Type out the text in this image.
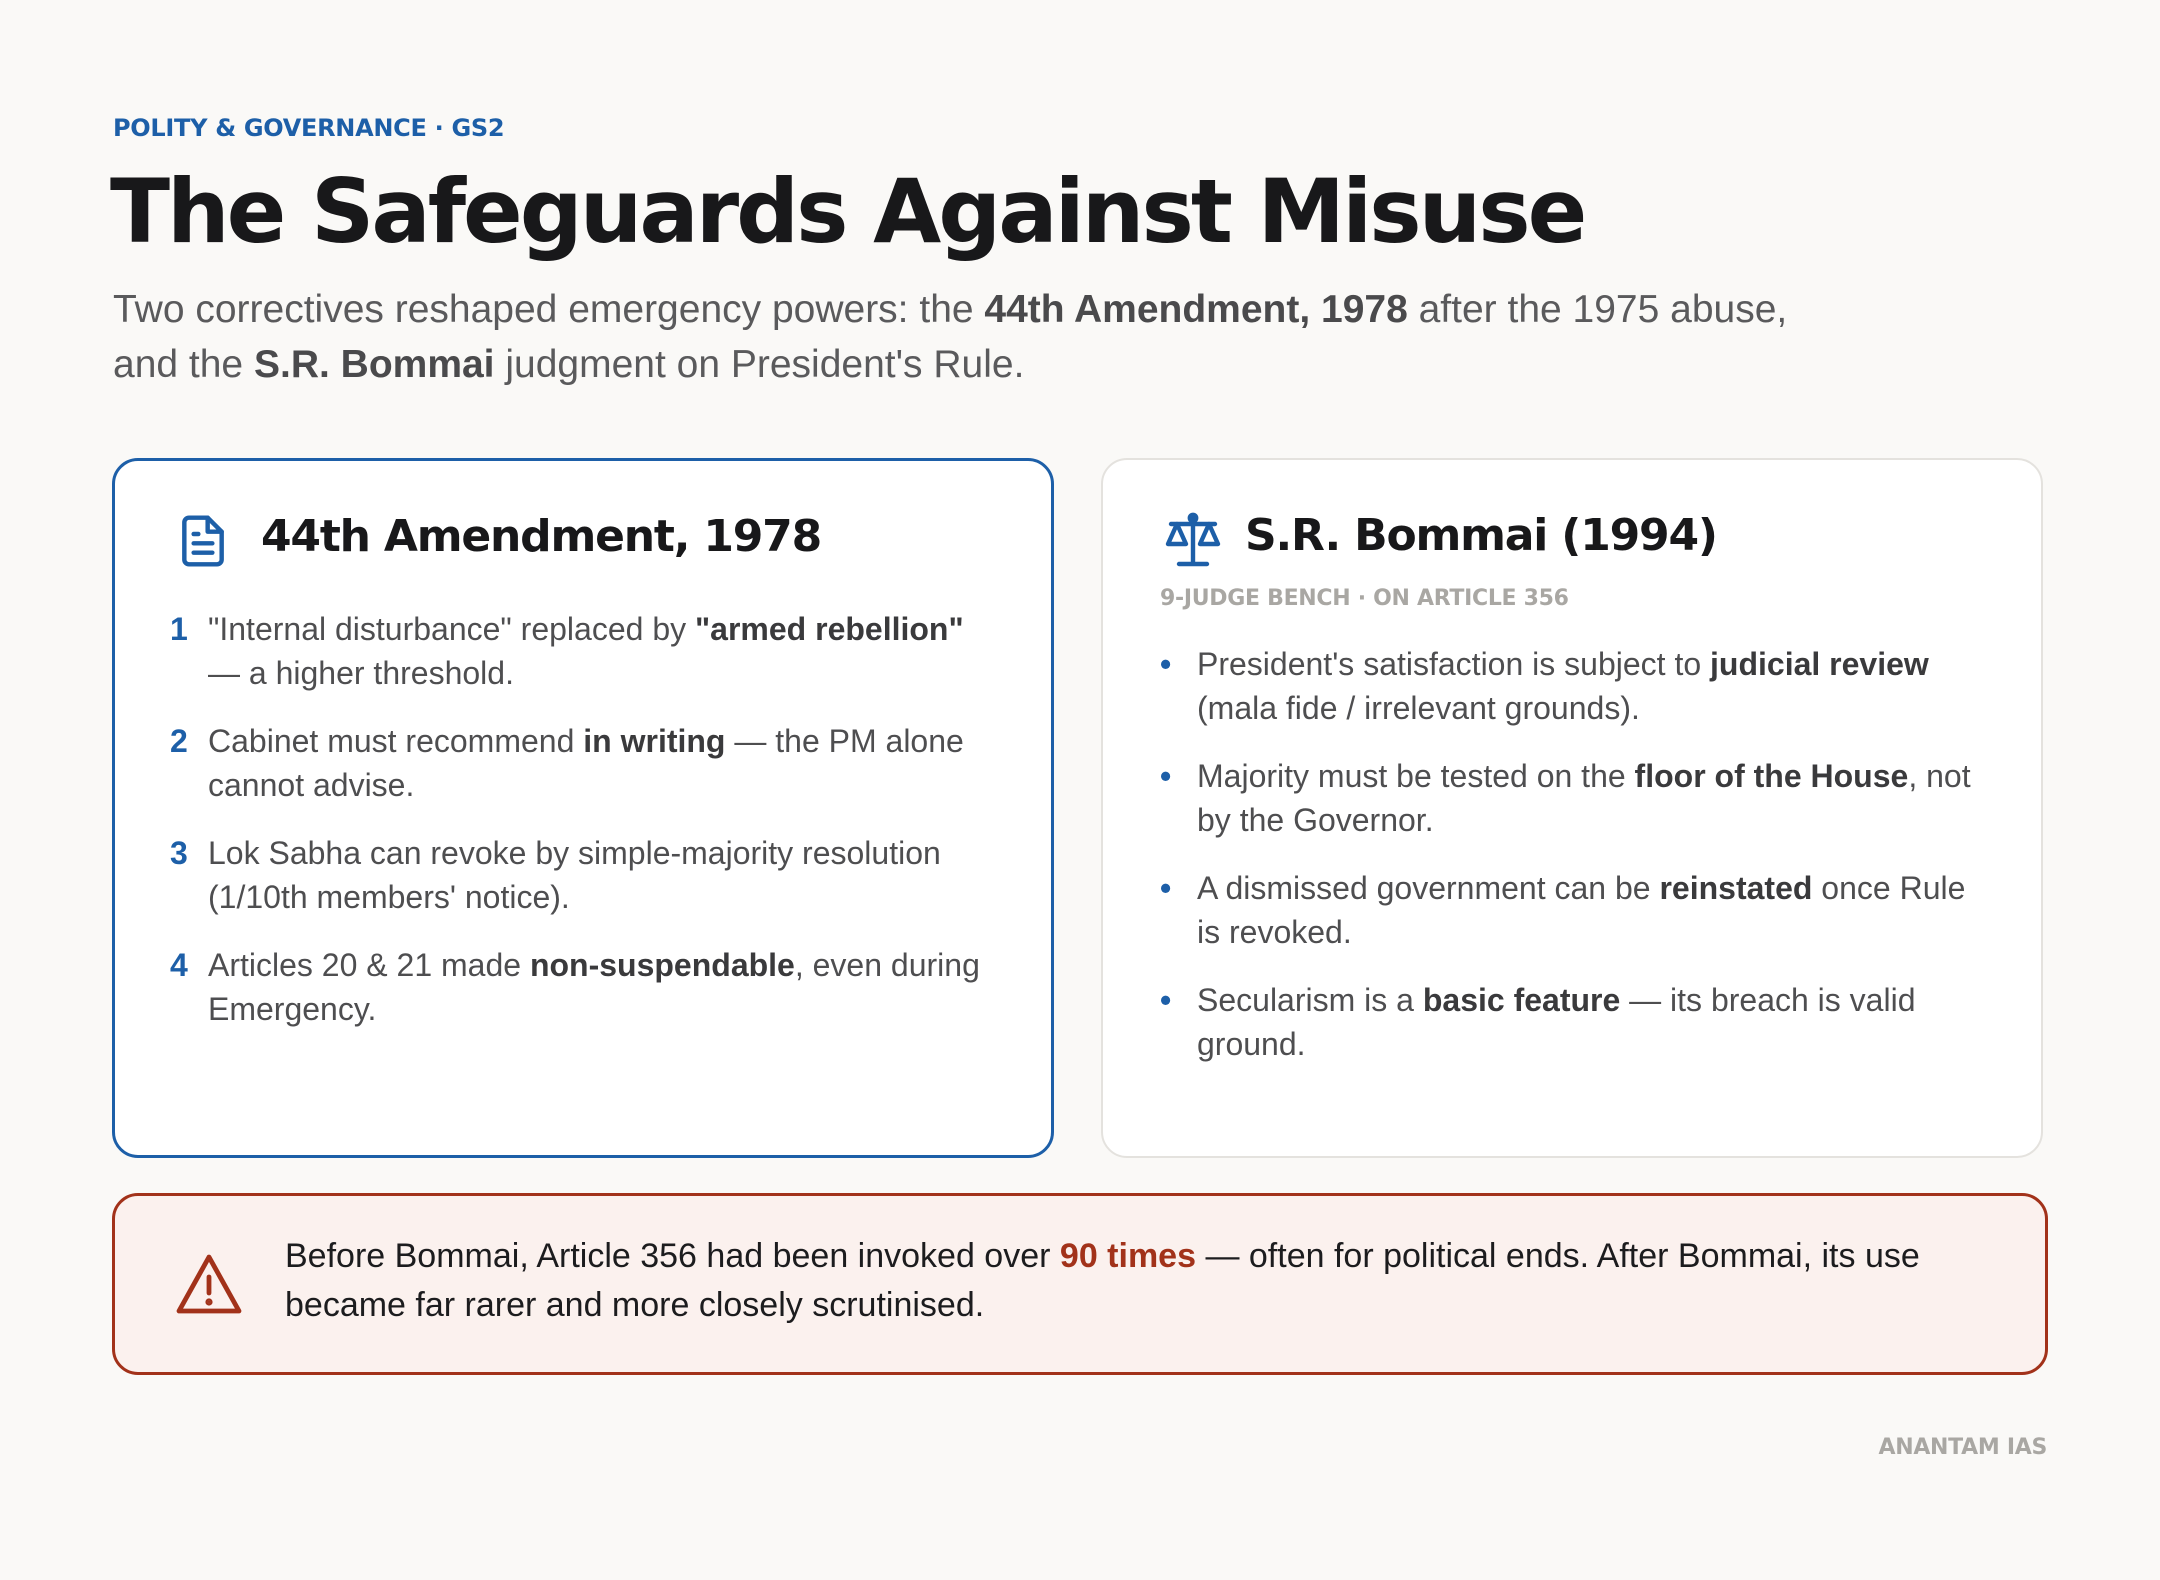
POLITY & GOVERNANCE · GS2
The Safeguards Against Misuse
Two correctives reshaped emergency powers: the 44th Amendment, 1978 after the 1975 abuse, and the S.R. Bommai judgment on President's Rule.
44th Amendment, 1978
1 "Internal disturbance" replaced by "armed rebellion" — a higher threshold.
2 Cabinet must recommend in writing — the PM alone cannot advise.
3 Lok Sabha can revoke by simple-majority resolution (1/10th members' notice).
4 Articles 20 & 21 made non-suspendable, even during Emergency.
S.R. Bommai (1994)
9-JUDGE BENCH · ON ARTICLE 356
• President's satisfaction is subject to judicial review (mala fide / irrelevant grounds).
• Majority must be tested on the floor of the House, not by the Governor.
• A dismissed government can be reinstated once Rule is revoked.
• Secularism is a basic feature — its breach is valid ground.
Before Bommai, Article 356 had been invoked over 90 times — often for political ends. After Bommai, its use became far rarer and more closely scrutinised.
ANANTAM IAS
